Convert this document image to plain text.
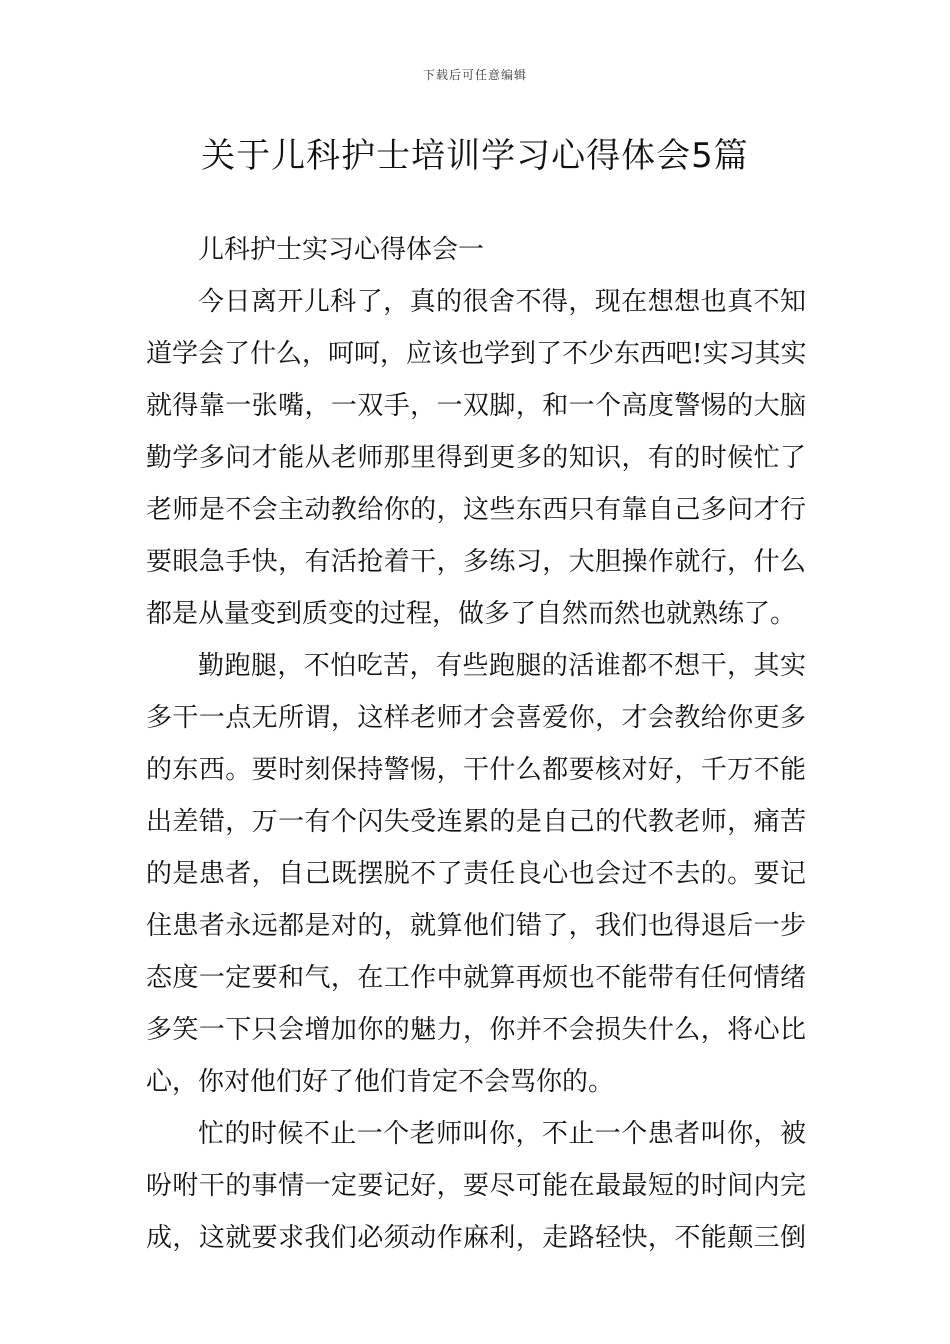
下载后可任意编辑
关于儿科护士培训学习心得体会5篇
儿科护士实习心得体会一
今日离开儿科了，真的很舍不得，现在想想也真不知
道学会了什么，呵呵，应该也学到了不少东西吧!实习其实
就得靠一张嘴，一双手，一双脚，和一个高度警惕的大脑
勤学多问才能从老师那里得到更多的知识，有的时候忙了
老师是不会主动教给你的，这些东西只有靠自己多问才行
要眼急手快，有活抢着干，多练习，大胆操作就行，什么
都是从量变到质变的过程，做多了自然而然也就熟练了。
勤跑腿，不怕吃苦，有些跑腿的活谁都不想干，其实
多干一点无所谓，这样老师才会喜爱你，才会教给你更多
的东西。要时刻保持警惕，干什么都要核对好，千万不能
出差错，万一有个闪失受连累的是自己的代教老师，痛苦
的是患者，自己既摆脱不了责任良心也会过不去的。要记
住患者永远都是对的，就算他们错了，我们也得退后一步
态度一定要和气，在工作中就算再烦也不能带有任何情绪
多笑一下只会增加你的魅力，你并不会损失什么，将心比
心，你对他们好了他们肯定不会骂你的。
忙的时候不止一个老师叫你，不止一个患者叫你，被
吩咐干的事情一定要记好，要尽可能在最最短的时间内完
成，这就要求我们必须动作麻利，走路轻快，不能颠三倒
